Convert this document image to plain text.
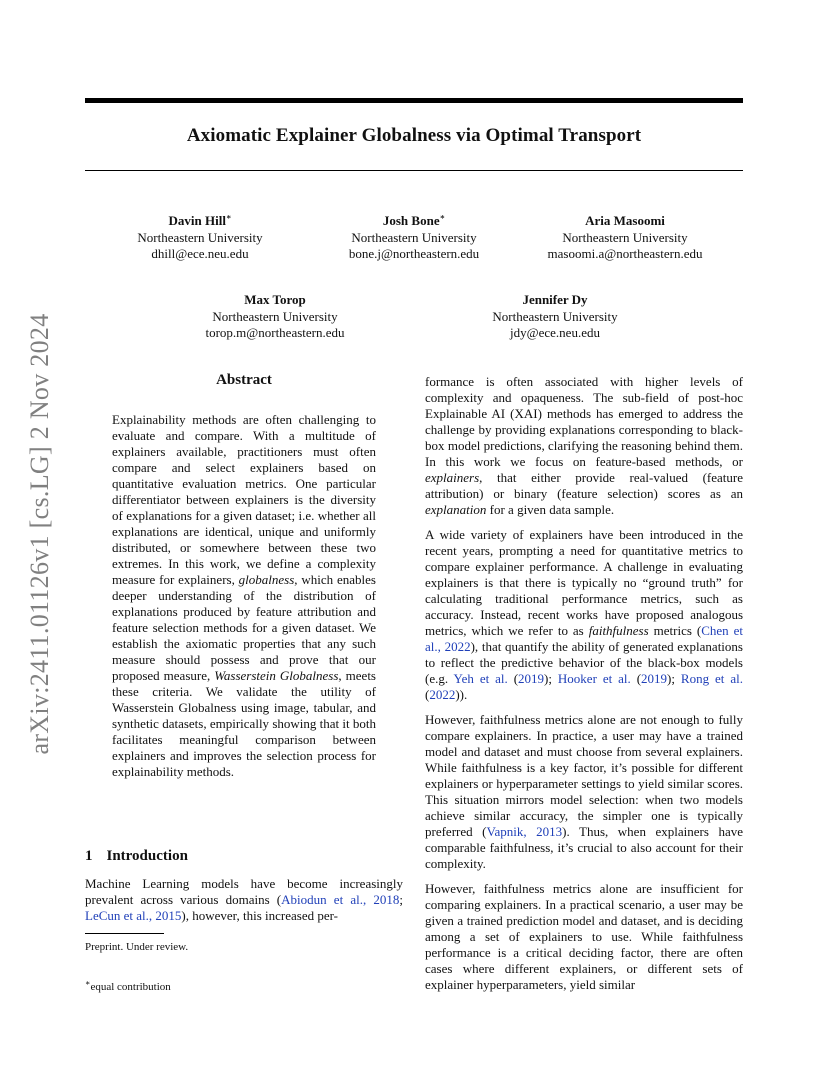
arXiv:2411.01126v1 [cs.LG] 2 Nov 2024
Axiomatic Explainer Globalness via Optimal Transport
Davin Hill∗
Northeastern University
dhill@ece.neu.edu
Josh Bone∗
Northeastern University
bone.j@northeastern.edu
Aria Masoomi
Northeastern University
masoomi.a@northeastern.edu
Max Torop
Northeastern University
torop.m@northeastern.edu
Jennifer Dy
Northeastern University
jdy@ece.neu.edu
Abstract

Explainability methods are often challenging to evaluate and compare. With a multitude of explainers available, practitioners must often compare and select explainers based on quantitative evaluation metrics. One particular differentiator between explainers is the diversity of explanations for a given dataset; i.e. whether all explanations are identical, unique and uniformly distributed, or somewhere between these two extremes. In this work, we define a complexity measure for explainers, globalness, which enables deeper understanding of the distribution of explanations produced by feature attribution and feature selection methods for a given dataset. We establish the axiomatic properties that any such measure should possess and prove that our proposed measure, Wasserstein Globalness, meets these criteria. We validate the utility of Wasserstein Globalness using image, tabular, and synthetic datasets, empirically showing that it both facilitates meaningful comparison between explainers and improves the selection process for explainability methods.

1 Introduction

Machine Learning models have become increasingly prevalent across various domains (Abiodun et al., 2018; LeCun et al., 2015), however, this increased per-

Preprint. Under review.
∗equal contribution

formance is often associated with higher levels of complexity and opaqueness. The sub-field of post-hoc Explainable AI (XAI) methods has emerged to address the challenge by providing explanations corresponding to black-box model predictions, clarifying the reasoning behind them. In this work we focus on feature-based methods, or explainers, that either provide real-valued (feature attribution) or binary (feature selection) scores as an explanation for a given data sample.

A wide variety of explainers have been introduced in the recent years, prompting a need for quantitative metrics to compare explainer performance. A challenge in evaluating explainers is that there is typically no “ground truth” for calculating traditional performance metrics, such as accuracy. Instead, recent works have proposed analogous metrics, which we refer to as faithfulness metrics (Chen et al., 2022), that quantify the ability of generated explanations to reflect the predictive behavior of the black-box models (e.g. Yeh et al. (2019); Hooker et al. (2019); Rong et al. (2022)).

However, faithfulness metrics alone are not enough to fully compare explainers. In practice, a user may have a trained model and dataset and must choose from several explainers. While faithfulness is a key factor, it’s possible for different explainers or hyperparameter settings to yield similar scores. This situation mirrors model selection: when two models achieve similar accuracy, the simpler one is typically preferred (Vapnik, 2013). Thus, when explainers have comparable faithfulness, it’s crucial to also account for their complexity.

However, faithfulness metrics alone are insufficient for comparing explainers. In a practical scenario, a user may be given a trained prediction model and dataset, and is deciding among a set of explainers to use. While faithfulness performance is a critical deciding factor, there are often cases where different explainers, or different sets of explainer hyperparameters, yield similar
